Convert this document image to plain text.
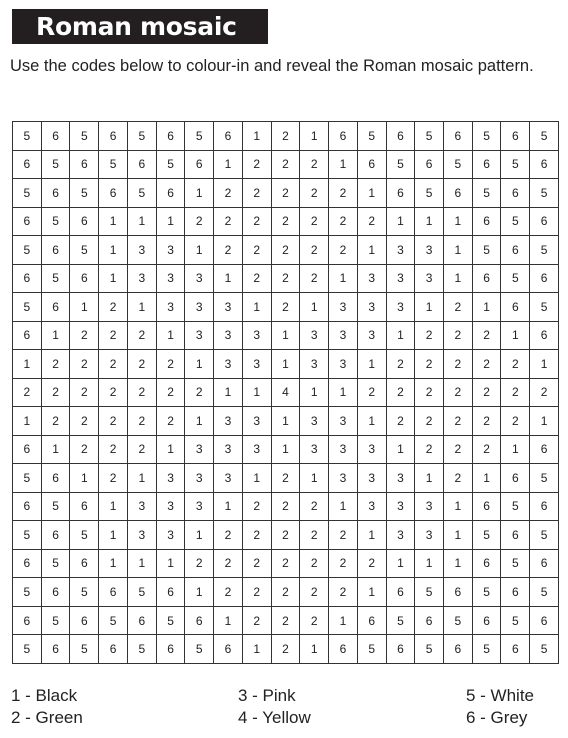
Roman mosaic
Use the codes below to colour-in and reveal the Roman mosaic pattern.
5	6	5	6	5	6	5	6	1	2	1	6	5	6	5	6	5	6	5
6	5	6	5	6	5	6	1	2	2	2	1	6	5	6	5	6	5	6
5	6	5	6	5	6	1	2	2	2	2	2	1	6	5	6	5	6	5
6	5	6	1	1	1	2	2	2	2	2	2	2	1	1	1	6	5	6
5	6	5	1	3	3	1	2	2	2	2	2	1	3	3	1	5	6	5
6	5	6	1	3	3	3	1	2	2	2	1	3	3	3	1	6	5	6
5	6	1	2	1	3	3	3	1	2	1	3	3	3	1	2	1	6	5
6	1	2	2	2	1	3	3	3	1	3	3	3	1	2	2	2	1	6
1	2	2	2	2	2	1	3	3	1	3	3	1	2	2	2	2	2	1
2	2	2	2	2	2	2	1	1	4	1	1	2	2	2	2	2	2	2
1	2	2	2	2	2	1	3	3	1	3	3	1	2	2	2	2	2	1
6	1	2	2	2	1	3	3	3	1	3	3	3	1	2	2	2	1	6
5	6	1	2	1	3	3	3	1	2	1	3	3	3	1	2	1	6	5
6	5	6	1	3	3	3	1	2	2	2	1	3	3	3	1	6	5	6
5	6	5	1	3	3	1	2	2	2	2	2	1	3	3	1	5	6	5
6	5	6	1	1	1	2	2	2	2	2	2	2	1	1	1	6	5	6
5	6	5	6	5	6	1	2	2	2	2	2	1	6	5	6	5	6	5
6	5	6	5	6	5	6	1	2	2	2	1	6	5	6	5	6	5	6
5	6	5	6	5	6	5	6	1	2	1	6	5	6	5	6	5	6	5
1 - Black
2 - Green
3 - Pink
4 - Yellow
5 - White
6 - Grey
